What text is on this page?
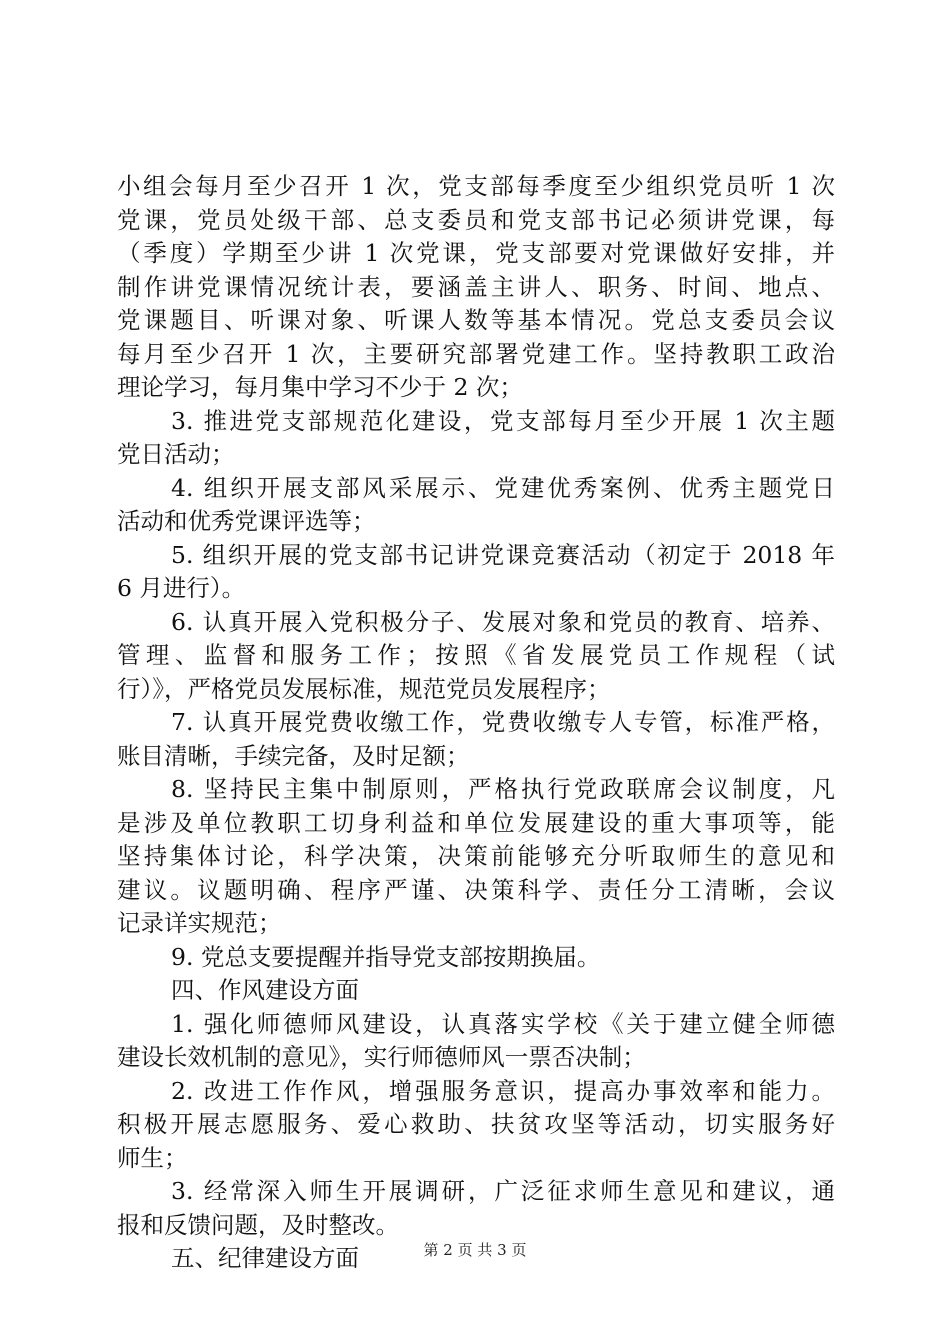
小组会每月至少召开 1 次，党支部每季度至少组织党员听 1 次
党课，党员处级干部、总支委员和党支部书记必须讲党课，每
（季度）学期至少讲 1 次党课，党支部要对党课做好安排，并
制作讲党课情况统计表，要涵盖主讲人、职务、时间、地点、
党课题目、听课对象、听课人数等基本情况。党总支委员会议
每月至少召开 1 次，主要研究部署党建工作。坚持教职工政治
理论学习，每月集中学习不少于 2 次；
3. 推进党支部规范化建设，党支部每月至少开展 1 次主题
党日活动；
4. 组织开展支部风采展示、党建优秀案例、优秀主题党日
活动和优秀党课评选等；
5. 组织开展的党支部书记讲党课竞赛活动（初定于 2018 年
6 月进行）。
6. 认真开展入党积极分子、发展对象和党员的教育、培养、
管理、监督和服务工作；按照《省发展党员工作规程（试
行）》，严格党员发展标准，规范党员发展程序；
7. 认真开展党费收缴工作，党费收缴专人专管，标准严格，
账目清晰，手续完备，及时足额；
8. 坚持民主集中制原则，严格执行党政联席会议制度，凡
是涉及单位教职工切身利益和单位发展建设的重大事项等，能
坚持集体讨论，科学决策，决策前能够充分听取师生的意见和
建议。议题明确、程序严谨、决策科学、责任分工清晰，会议
记录详实规范；
9. 党总支要提醒并指导党支部按期换届。
四、作风建设方面
1. 强化师德师风建设，认真落实学校《关于建立健全师德
建设长效机制的意见》，实行师德师风一票否决制；
2. 改进工作作风，增强服务意识，提高办事效率和能力。
积极开展志愿服务、爱心救助、扶贫攻坚等活动，切实服务好
师生；
3. 经常深入师生开展调研，广泛征求师生意见和建议，通
报和反馈问题，及时整改。
五、纪律建设方面	第 2 页 共 3 页
